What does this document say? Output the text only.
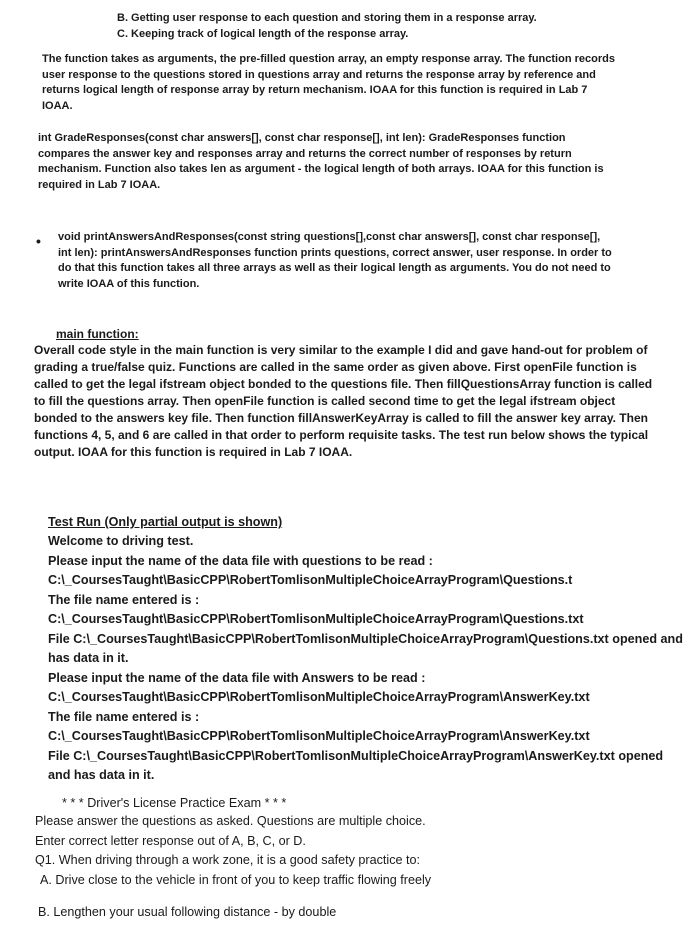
B. Getting user response to each question and storing them in a response array.

C. Keeping track of logical length of the response array.

The function takes as arguments, the pre-filled question array, an empty response array. The function records

user response to the questions stored in questions array and returns the response array by reference and

returns logical length of response array by return mechanism. IOAA for this function is required in Lab 7

IOAA.

int GradeResponses(const char answers[], const char response[], int len): GradeResponses function

compares the answer key and responses array and returns the correct number of responses by return

mechanism. Function also takes len as argument - the logical length of both arrays. IOAA for this function is

required in Lab 7 IOAA.

• void printAnswersAndResponses(const string questions[],const char answers[], const char response[],

int len): printAnswersAndResponses function prints questions, correct answer, user response. In order to

do that this function takes all three arrays as well as their logical length as arguments. You do not need to

write IOAA of this function.

main function:

Overall code style in the main function is very similar to the example I did and gave hand-out for problem of

grading a true/false quiz. Functions are called in the same order as given above. First openFile function is

called to get the legal ifstream object bonded to the questions file. Then fillQuestionsArray function is called

to fill the questions array. Then openFile function is called second time to get the legal ifstream object

bonded to the answers key file. Then function fillAnswerKeyArray is called to fill the answer key array. Then

functions 4, 5, and 6 are called in that order to perform requisite tasks. The test run below shows the typical

output. IOAA for this function is required in Lab 7 IOAA.

Test Run (Only partial output is shown)

Welcome to driving test.

Please input the name of the data file with questions to be read :

C:\_CoursesTaught\BasicCPP\RobertTomlisonMultipleChoiceArrayProgram\Questions.t

The file name entered is :

C:\_CoursesTaught\BasicCPP\RobertTomlisonMultipleChoiceArrayProgram\Questions.txt

File C:\_CoursesTaught\BasicCPP\RobertTomlisonMultipleChoiceArrayProgram\Questions.txt opened and

has data in it.

Please input the name of the data file with Answers to be read :

C:\_CoursesTaught\BasicCPP\RobertTomlisonMultipleChoiceArrayProgram\AnswerKey.txt

The file name entered is :

C:\_CoursesTaught\BasicCPP\RobertTomlisonMultipleChoiceArrayProgram\AnswerKey.txt

File C:\_CoursesTaught\BasicCPP\RobertTomlisonMultipleChoiceArrayProgram\AnswerKey.txt opened

and has data in it.

* * * Driver's License Practice Exam * * *

Please answer the questions as asked. Questions are multiple choice.

Enter correct letter response out of A, B, C, or D.

Q1. When driving through a work zone, it is a good safety practice to:

A. Drive close to the vehicle in front of you to keep traffic flowing freely

B. Lengthen your usual following distance - by double
